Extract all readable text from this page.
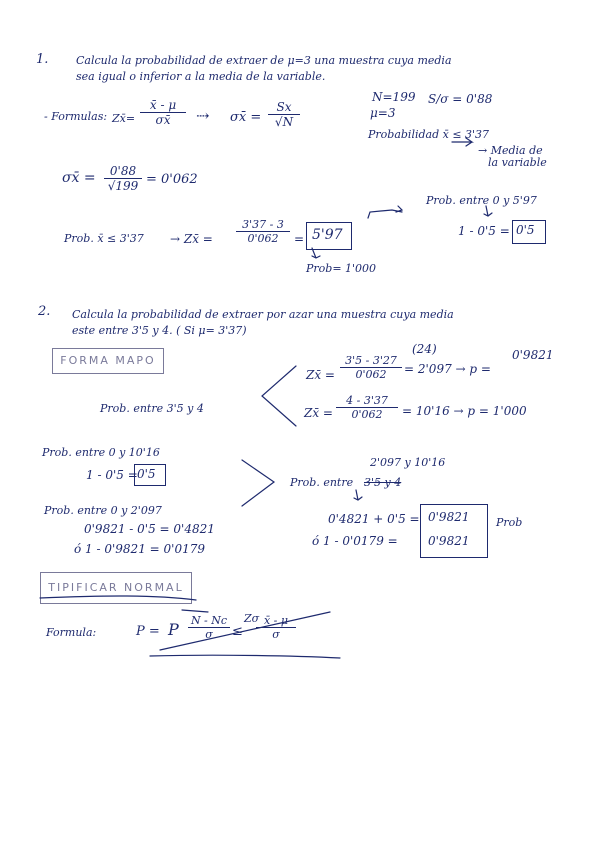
1.	Calcula la probabilidad de extraer de μ=3 una muestra cuya media
sea igual o inferior a la media de la variable.
- Formulas: Zx̄= $\frac{x̄ - \mu}{\sigma x̄}$ ⇢ σx̄ = $\frac{Sx}{√N}$
N=199 S/σ = 0'88
μ=3
Probabilidad x̄ ≤ 3'37
→ Media de
la variable
σx̄ = $\frac{0'88}{√199} = 0'062$
Prob. x̄ ≤ 3'37 → Zx̄ = $\frac{3'37 - 3}{0'062} = 5'97$
Prob= 1'000
Prob. entre 0 y 5'97
1 - 0'5 = 0'5
2. Calcula la probabilidad de extraer por azar una muestra cuya media
este entre 3'5 y 4. ( Si μ= 3'37)
FORMA MAPO
(24)
Zx̄ = $\frac{3'5 - 3'27}{0'062} = 2'097 \to p$ =
0'9821
Prob. entre 3'5 y 4	Zx̄ = $\frac{4 - 3'37}{0'062} = 10'16 \to p = 1'000$
Prob. entre 0 y 10'16
1 - 0'5 = 0'5
Prob. entre 0 y 2'097
0'9821 - 0'5 = 0'4821
ó 1 - 0'9821 = 0'0179
2'097 y 10'16
Prob. entre 3'5 y 4
0'4821 + 0'5 = 0'9821
ó 1 - 0'0179 =	0'9821
Prob
TIPIFICAR NORMAL
Formula:	P = P $\frac{N - Nc}{\sigma}$ ≤
Zσ
$\frac{x̄ - \mu}{\sigma}$
